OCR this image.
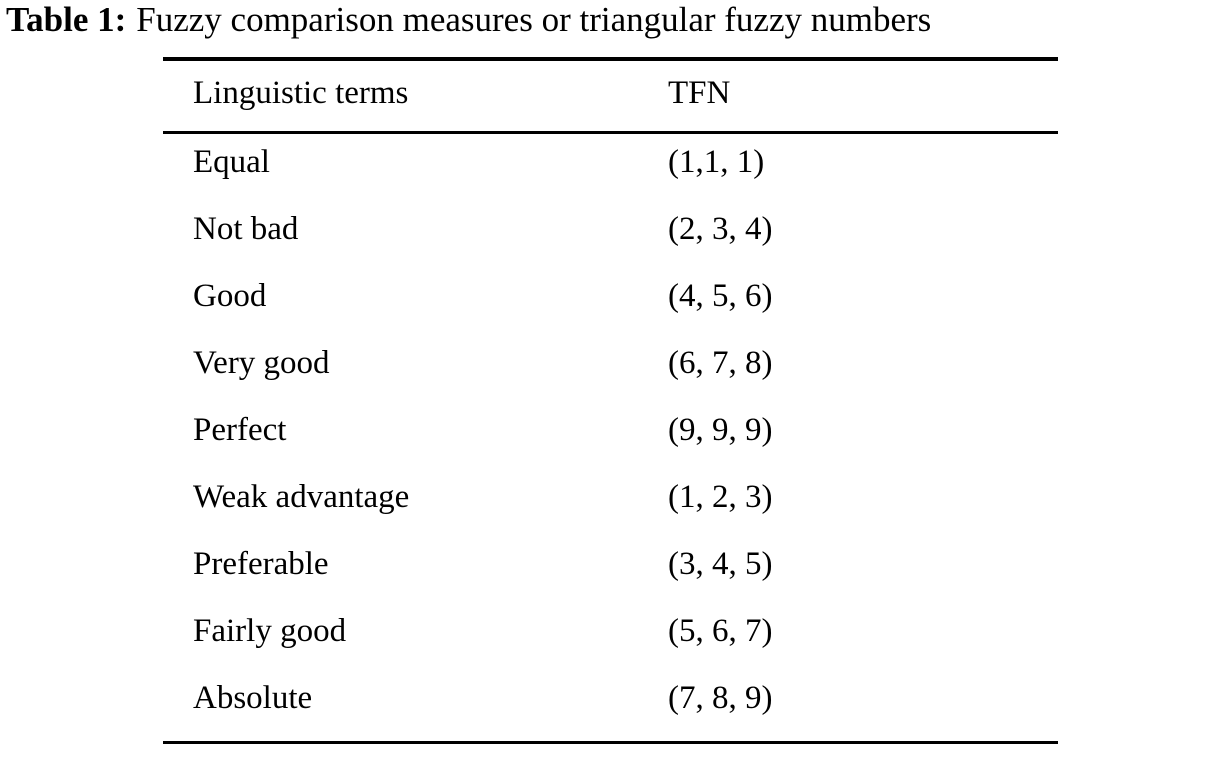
Table 1: Fuzzy comparison measures or triangular fuzzy numbers
Linguistic terms	TFN
Equal	(1,1, 1)
Not bad	(2, 3, 4)
Good	(4, 5, 6)
Very good	(6, 7, 8)
Perfect	(9, 9, 9)
Weak advantage	(1, 2, 3)
Preferable	(3, 4, 5)
Fairly good	(5, 6, 7)
Absolute	(7, 8, 9)
